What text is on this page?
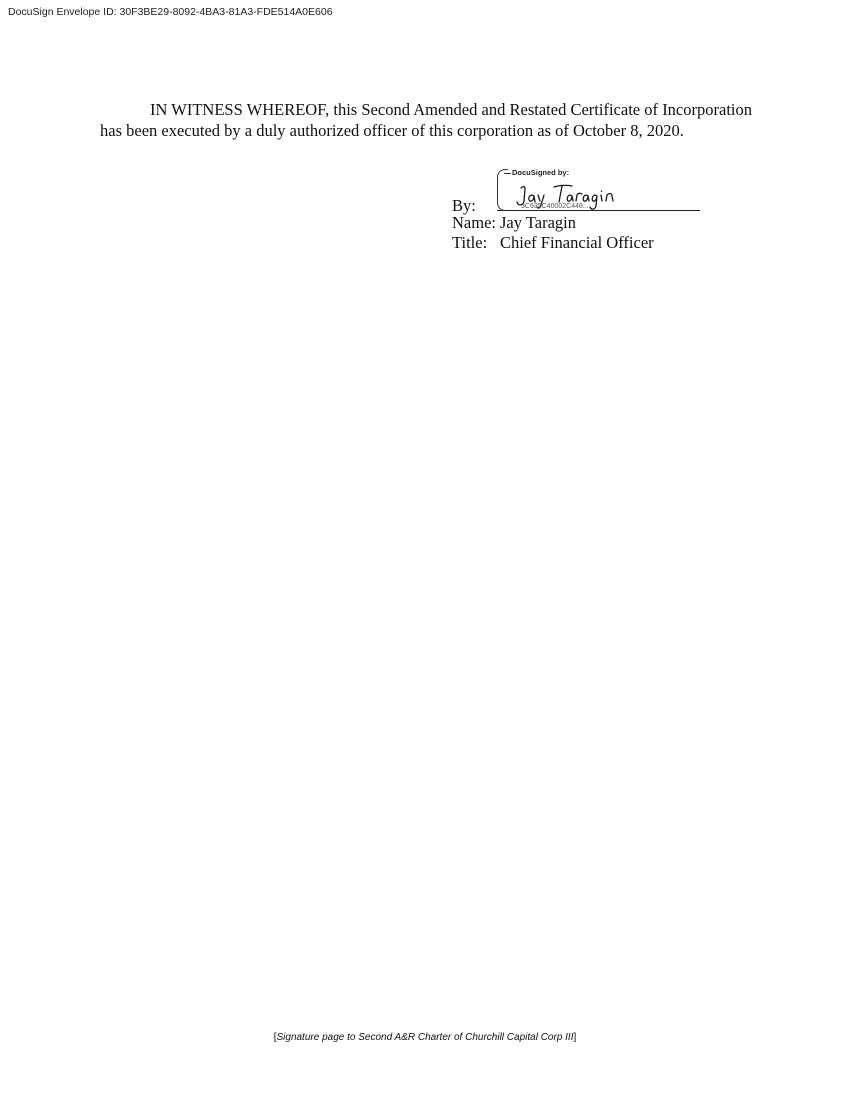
DocuSign Envelope ID: 30F3BE29-8092-4BA3-81A3-FDE514A0E606

IN WITNESS WHEREOF, this Second Amended and Restated Certificate of Incorporation has been executed by a duly authorized officer of this corporation as of October 8, 2020.

DocuSigned by:
3C635C40002C448...
By:
Name: Jay Taragin
Title: Chief Financial Officer
[Signature page to Second A&R Charter of Churchill Capital Corp III]
